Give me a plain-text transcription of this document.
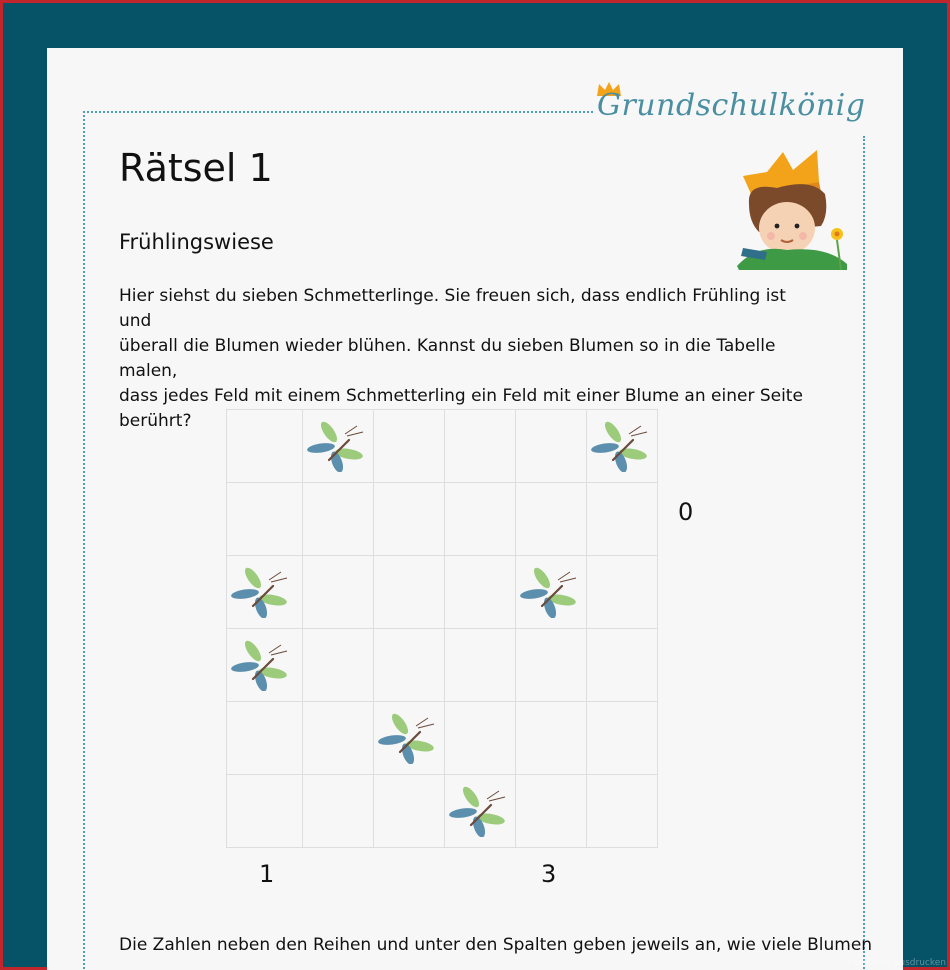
Grundschulkönig
Rätsel 1
Frühlingswiese

Hier siehst du sieben Schmetterlinge. Sie freuen sich, dass endlich Frühling ist und
überall die Blumen wieder blühen. Kannst du sieben Blumen so in die Tabelle malen,
dass jedes Feld mit einem Schmetterling ein Feld mit einer Blume an einer Seite
berührt?

0
1	3

Die Zahlen neben den Reihen und unter den Spalten geben jeweils an, wie viele Blumen

Kostenlos Ausdrucken
